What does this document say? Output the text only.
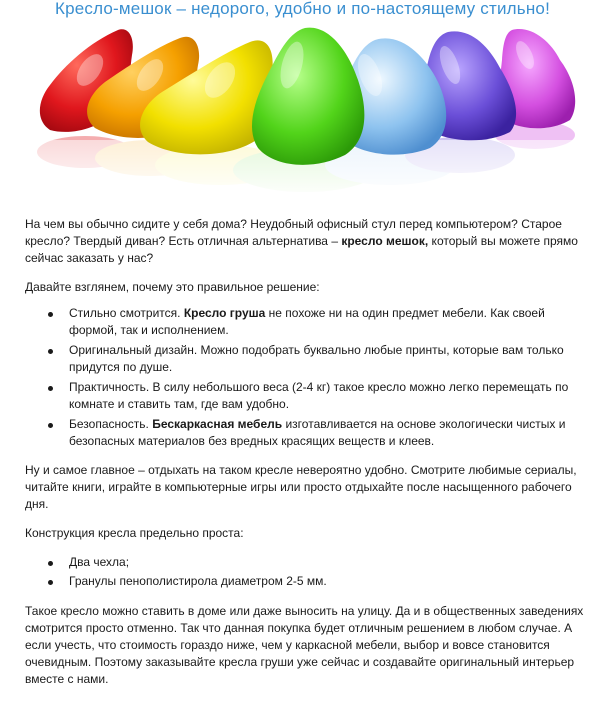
Кресло-мешок – недорого, удобно и по-настоящему стильно!

На чем вы обычно сидите у себя дома? Неудобный офисный стул перед компьютером? Старое кресло? Твердый диван? Есть отличная альтернатива – кресло мешок, который вы можете прямо сейчас заказать у нас?

Давайте взглянем, почему это правильное решение:

Стильно смотрится. Кресло груша не похоже ни на один предмет мебели. Как своей формой, так и исполнением.
Оригинальный дизайн. Можно подобрать буквально любые принты, которые вам только придутся по душе.
Практичность. В силу небольшого веса (2-4 кг) такое кресло можно легко перемещать по комнате и ставить там, где вам удобно.
Безопасность. Бескаркасная мебель изготавливается на основе экологически чистых и безопасных материалов без вредных красящих веществ и клеев.

Ну и самое главное – отдыхать на таком кресле невероятно удобно. Смотрите любимые сериалы, читайте книги, играйте в компьютерные игры или просто отдыхайте после насыщенного рабочего дня.

Конструкция кресла предельно проста:

Два чехла;
Гранулы пенополистирола диаметром 2-5 мм.

Такое кресло можно ставить в доме или даже выносить на улицу. Да и в общественных заведениях смотрится просто отменно. Так что данная покупка будет отличным решением в любом случае. А если учесть, что стоимость гораздо ниже, чем у каркасной мебели, выбор и вовсе становится очевидным. Поэтому заказывайте кресла груши уже сейчас и создавайте оригинальный интерьер вместе с нами.
